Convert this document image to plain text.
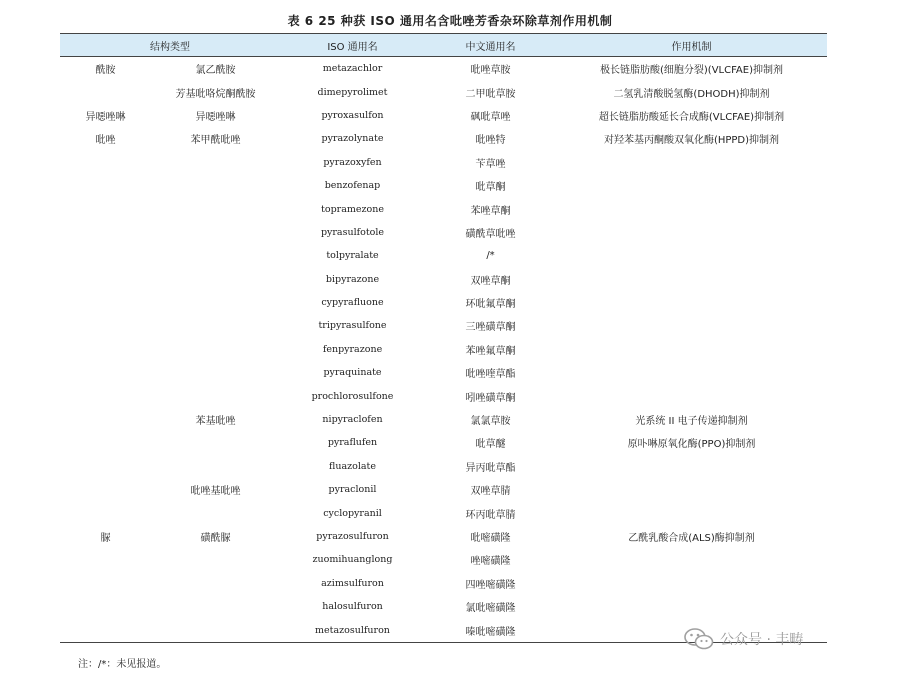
表 6 25 种获 ISO 通用名含吡唑芳香杂环除草剂作用机制
结构类型		ISO 通用名	中文通用名	作用机制
酰胺	氯乙酰胺	metazachlor	吡唑草胺	极长链脂肪酸(细胞分裂)(VLCFAE)抑制剂
	芳基吡咯烷酮酰胺	dimepyrolimet	二甲吡草胺	二氢乳清酸脱氢酶(DHODH)抑制剂
异噁唑啉	异噁唑啉	pyroxasulfon	砜吡草唑	超长链脂肪酸延长合成酶(VLCFAE)抑制剂
吡唑	苯甲酰吡唑	pyrazolynate	吡唑特	对羟苯基丙酮酸双氧化酶(HPPD)抑制剂
		pyrazoxyfen	苄草唑	
		benzofenap	吡草酮	
		topramezone	苯唑草酮	
		pyrasulfotole	磺酰草吡唑	
		tolpyralate	/*	
		bipyrazone	双唑草酮	
		cypyrafluone	环吡氟草酮	
		tripyrasulfone	三唑磺草酮	
		fenpyrazone	苯唑氟草酮	
		pyraquinate	吡唑喹草酯	
		prochlorosulfone	吲唑磺草酮	
	苯基吡唑	nipyraclofen	氯氯草胺	光系统 II 电子传递抑制剂
		pyraflufen	吡草醚	原卟啉原氧化酶(PPO)抑制剂
		fluazolate	异丙吡草酯	
	吡唑基吡唑	pyraclonil	双唑草腈	
		cyclopyranil	环丙吡草腈	
脲	磺酰脲	pyrazosulfuron	吡嘧磺隆	乙酰乳酸合成(ALS)酶抑制剂
		zuomihuanglong	唑嘧磺隆	
		azimsulfuron	四唑嘧磺隆	
		halosulfuron	氯吡嘧磺隆	
		metazosulfuron	嗪吡嘧磺隆	
注：/*：未见报道。
公众号 · 丰畴
